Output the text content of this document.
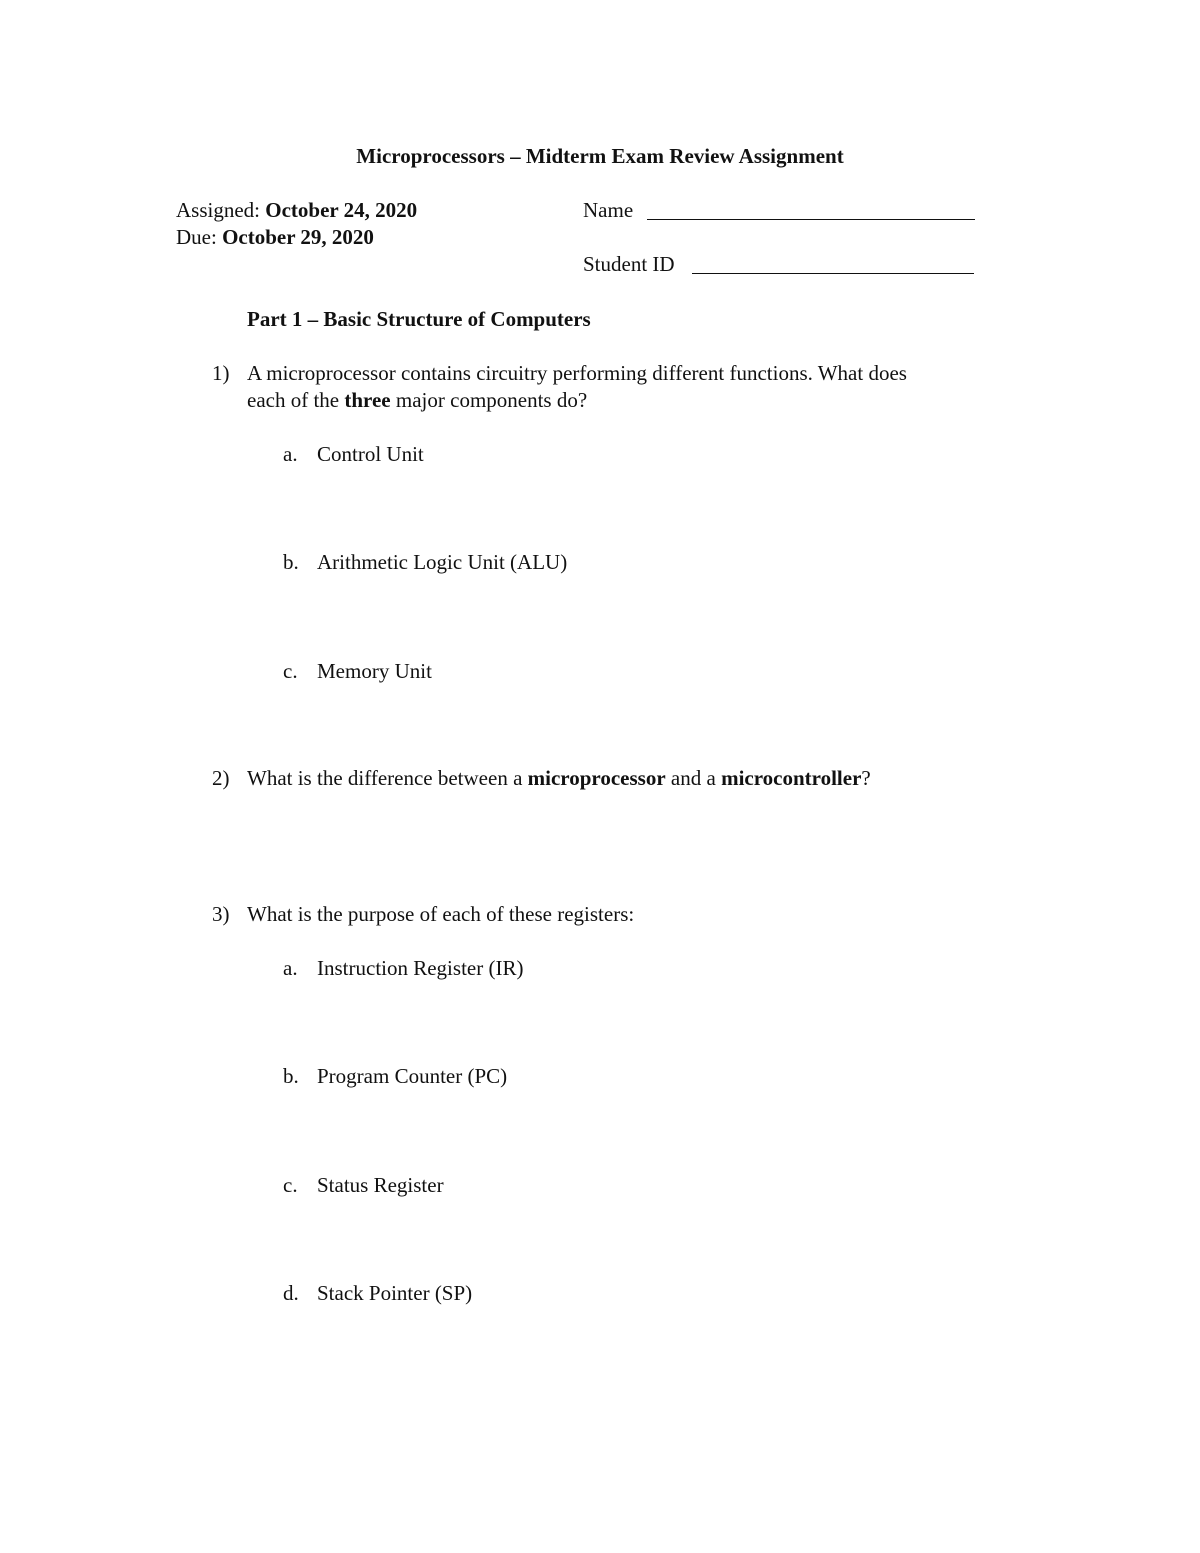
Microprocessors – Midterm Exam Review Assignment
Assigned: October 24, 2020
Due: October 29, 2020
Name
Student ID
Part 1 – Basic Structure of Computers
1) A microprocessor contains circuitry performing different functions. What does
each of the three major components do?
a. Control Unit
b. Arithmetic Logic Unit (ALU)
c. Memory Unit
2) What is the difference between a microprocessor and a microcontroller?
3) What is the purpose of each of these registers:
a. Instruction Register (IR)
b. Program Counter (PC)
c. Status Register
d. Stack Pointer (SP)
